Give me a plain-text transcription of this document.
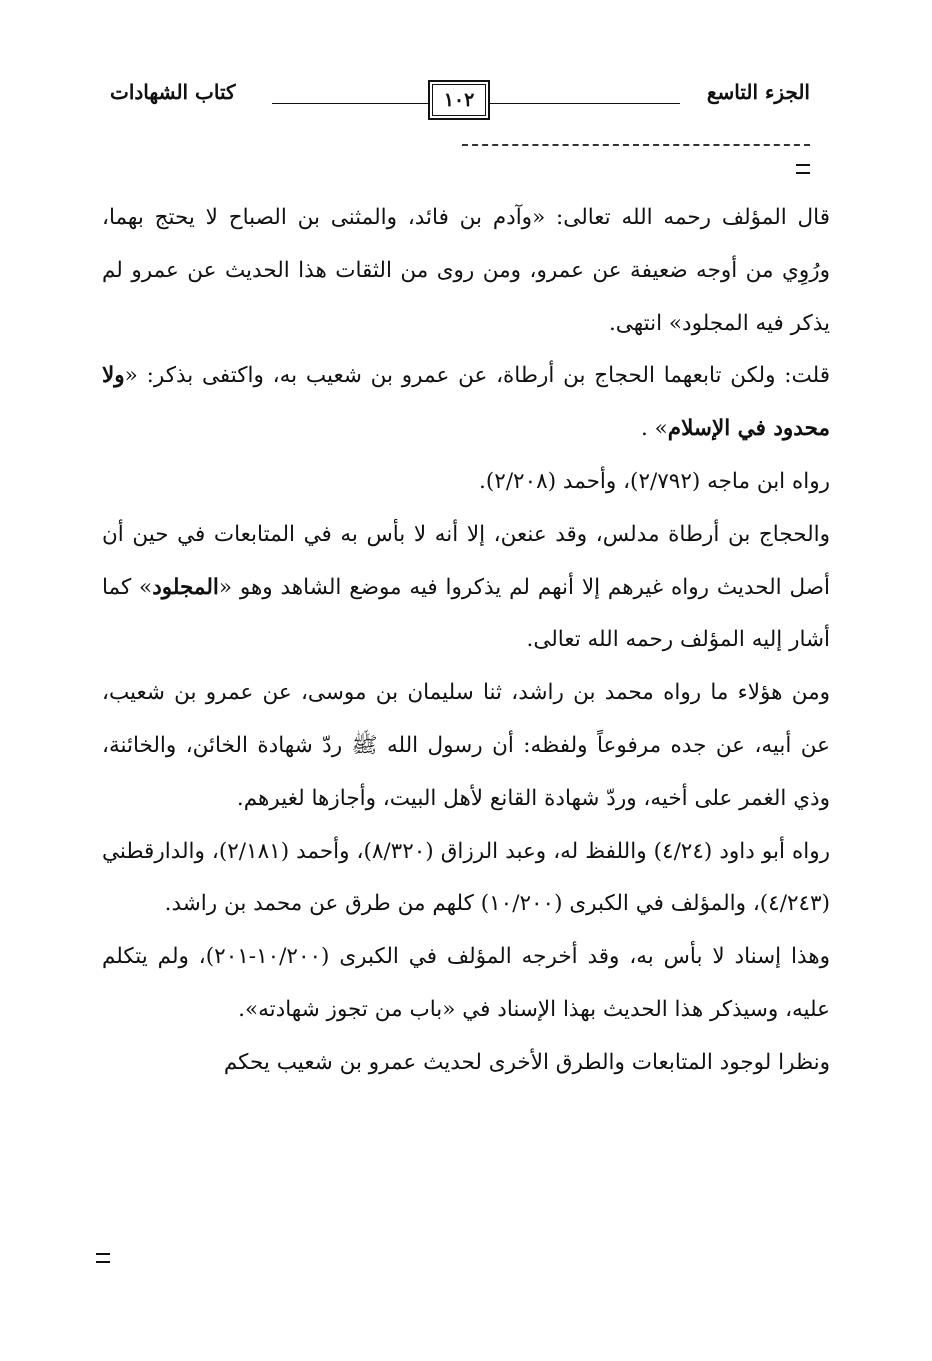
الجزء التاسع
١٠٢
كتاب الشهادات

قال المؤلف رحمه الله تعالى: «وآدم بن فائد، والمثنى بن الصباح لا يحتج بهما، ورُوِي من أوجه ضعيفة عن عمرو، ومن روى من الثقات هذا الحديث عن عمرو لم يذكر فيه المجلود» انتهى.

قلت: ولكن تابعهما الحجاج بن أرطاة، عن عمرو بن شعيب به، واكتفى بذكر: «ولا محدود في الإسلام» .

رواه ابن ماجه (٢/٧٩٢)، وأحمد (٢/٢٠٨).

والحجاج بن أرطاة مدلس، وقد عنعن، إلا أنه لا بأس به في المتابعات في حين أن أصل الحديث رواه غيرهم إلا أنهم لم يذكروا فيه موضع الشاهد وهو «المجلود» كما أشار إليه المؤلف رحمه الله تعالى.

ومن هؤلاء ما رواه محمد بن راشد، ثنا سليمان بن موسى، عن عمرو بن شعيب، عن أبيه، عن جده مرفوعاً ولفظه: أن رسول الله ﷺ ردّ شهادة الخائن، والخائنة، وذي الغمر على أخيه، وردّ شهادة القانع لأهل البيت، وأجازها لغيرهم.

رواه أبو داود (٤/٢٤) واللفظ له، وعبد الرزاق (٨/٣٢٠)، وأحمد (٢/١٨١)، والدارقطني (٤/٢٤٣)، والمؤلف في الكبرى (١٠/٢٠٠) كلهم من طرق عن محمد بن راشد.

وهذا إسناد لا بأس به، وقد أخرجه المؤلف في الكبرى (١٠/٢٠٠-٢٠١)، ولم يتكلم عليه، وسيذكر هذا الحديث بهذا الإسناد في «باب من تجوز شهادته».

ونظرا لوجود المتابعات والطرق الأخرى لحديث عمرو بن شعيب يحكم
